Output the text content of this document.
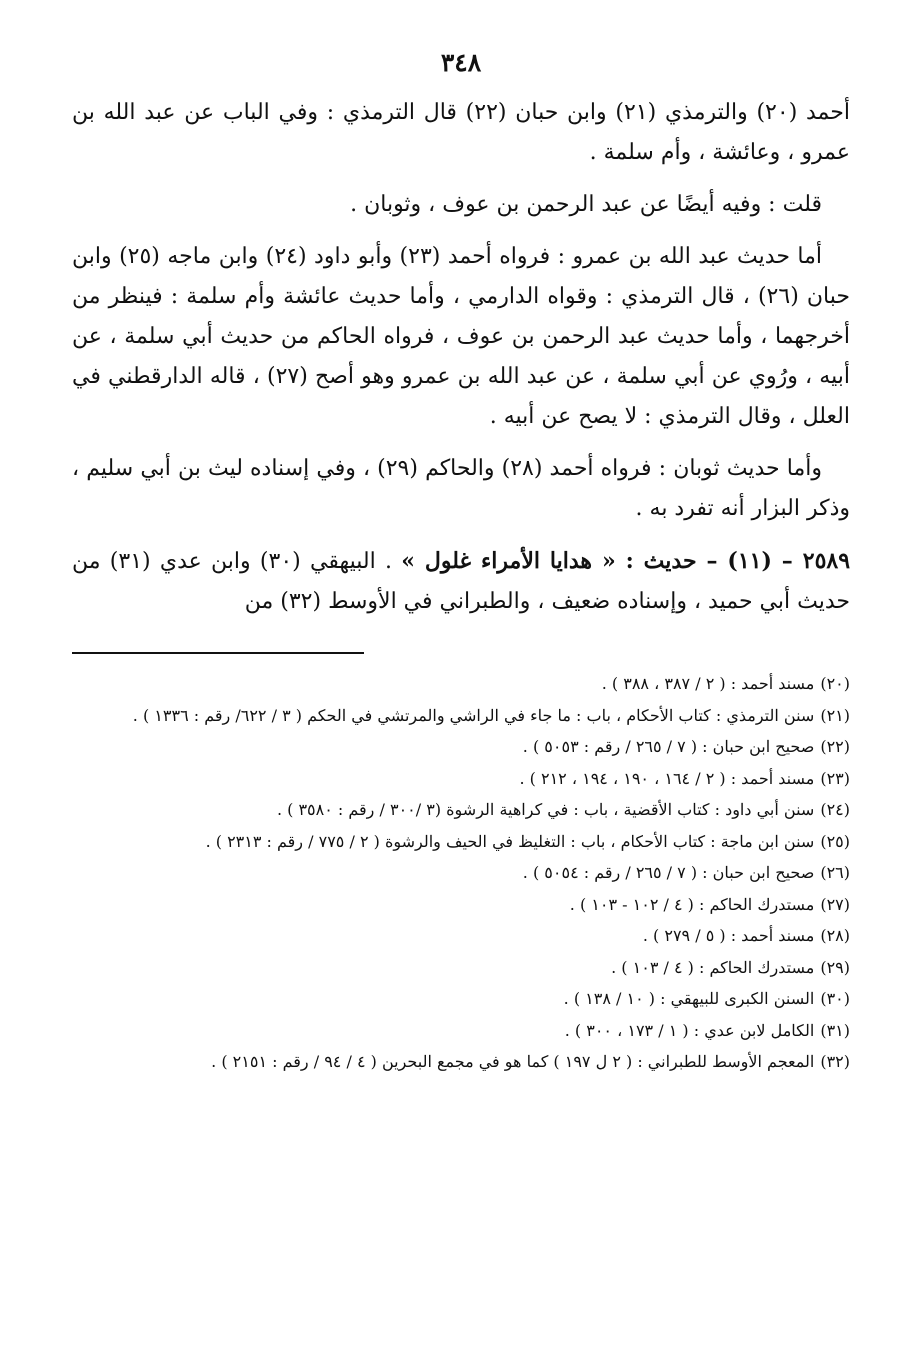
٣٤٨

أحمد (٢٠) والترمذي (٢١) وابن حبان (٢٢) قال الترمذي : وفي الباب عن عبد الله بن عمرو ، وعائشة ، وأم سلمة .

قلت : وفيه أيضًا عن عبد الرحمن بن عوف ، وثوبان .

أما حديث عبد الله بن عمرو : فرواه أحمد (٢٣) وأبو داود (٢٤) وابن ماجه (٢٥) وابن حبان (٢٦) ، قال الترمذي : وقواه الدارمي ، وأما حديث عائشة وأم سلمة : فينظر من أخرجهما ، وأما حديث عبد الرحمن بن عوف ، فرواه الحاكم من حديث أبي سلمة ، عن أبيه ، ورُوي عن أبي سلمة ، عن عبد الله بن عمرو وهو أصح (٢٧) ، قاله الدارقطني في العلل ، وقال الترمذي : لا يصح عن أبيه .

وأما حديث ثوبان : فرواه أحمد (٢٨) والحاكم (٢٩) ، وفي إسناده ليث بن أبي سليم ، وذكر البزار أنه تفرد به .

٢٥٨٩ – (١١) – حديث : « هدايا الأمراء غلول » . البيهقي (٣٠) وابن عدي (٣١) من حديث أبي حميد ، وإسناده ضعيف ، والطبراني في الأوسط (٣٢) من

(٢٠)
مسند أحمد : ( ٢ / ٣٨٧ ، ٣٨٨ ) .
(٢١)
سنن الترمذي : كتاب الأحكام ، باب : ما جاء في الراشي والمرتشي في الحكم ( ٣ / ٦٢٢/ رقم : ١٣٣٦ ) .
(٢٢)
صحيح ابن حبان : ( ٧ / ٢٦٥ / رقم : ٥٠٥٣ ) .
(٢٣)
مسند أحمد : ( ٢ / ١٦٤ ، ١٩٠ ، ١٩٤ ، ٢١٢ ) .
(٢٤)
سنن أبي داود : كتاب الأقضية ، باب : في كراهية الرشوة (٣ /٣٠٠ / رقم : ٣٥٨٠ ) .
(٢٥)
سنن ابن ماجة : كتاب الأحكام ، باب : التغليظ في الحيف والرشوة ( ٢ / ٧٧٥ / رقم : ٢٣١٣ ) .
(٢٦)
صحيح ابن حبان : ( ٧ / ٢٦٥ / رقم : ٥٠٥٤ ) .
(٢٧)
مستدرك الحاكم : ( ٤ / ١٠٢ - ١٠٣ ) .
(٢٨)
مسند أحمد : ( ٥ / ٢٧٩ ) .
(٢٩)
مستدرك الحاكم : ( ٤ / ١٠٣ ) .
(٣٠)
السنن الكبرى للبيهقي : ( ١٠ / ١٣٨ ) .
(٣١)
الكامل لابن عدي : ( ١ / ١٧٣ ، ٣٠٠ ) .
(٣٢)
المعجم الأوسط للطبراني : ( ٢ ل ١٩٧ ) كما هو في مجمع البحرين ( ٤ / ٩٤ / رقم : ٢١٥١ ) .
